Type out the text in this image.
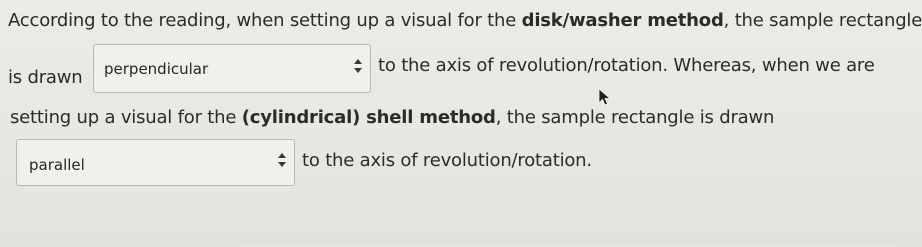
According to the reading, when setting up a visual for the disk/washer method, the sample rectangle
is drawn perpendicular	to the axis of revolution/rotation. Whereas, when we are
setting up a visual for the (cylindrical) shell method, the sample rectangle is drawn
parallel	to the axis of revolution/rotation.
